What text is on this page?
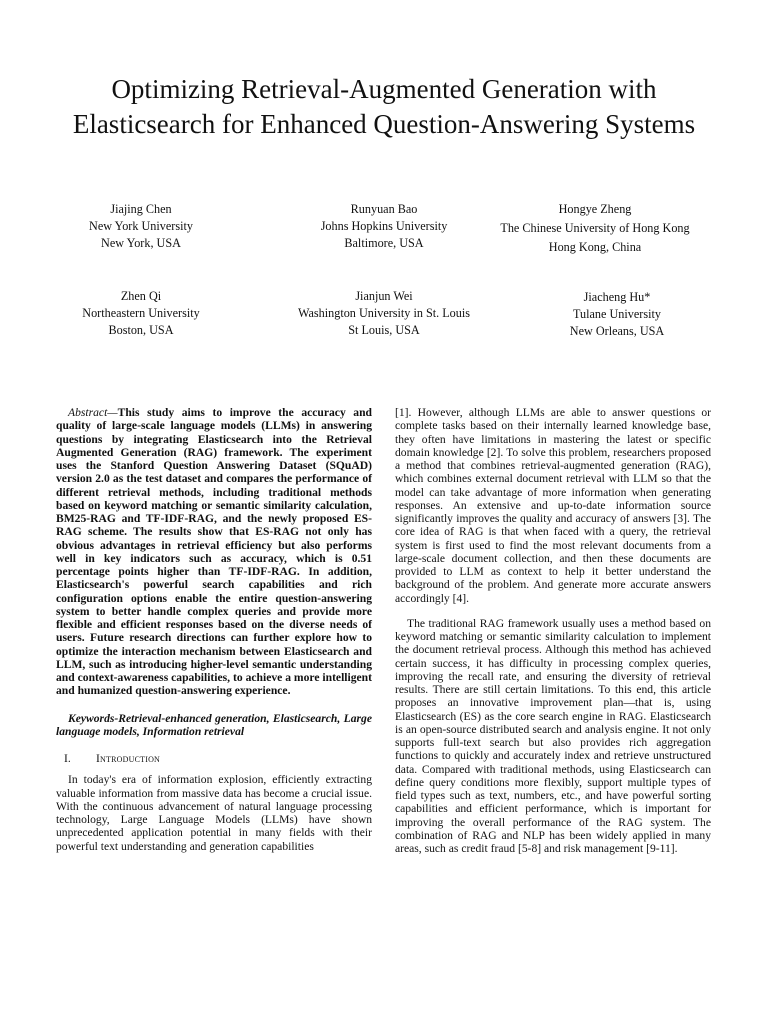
Optimizing Retrieval-Augmented Generation with Elasticsearch for Enhanced Question-Answering Systems
Jiajing Chen
New York University
New York, USA
Runyuan Bao
Johns Hopkins University
Baltimore, USA
Hongye Zheng
The Chinese University of Hong Kong
Hong Kong, China
Zhen Qi
Northeastern University
Boston, USA
Jianjun Wei
Washington University in St. Louis
St Louis, USA
Jiacheng Hu*
Tulane University
New Orleans, USA

Abstract—This study aims to improve the accuracy and quality of large-scale language models (LLMs) in answering questions by integrating Elasticsearch into the Retrieval Augmented Generation (RAG) framework. The experiment uses the Stanford Question Answering Dataset (SQuAD) version 2.0 as the test dataset and compares the performance of different retrieval methods, including traditional methods based on keyword matching or semantic similarity calculation, BM25-RAG and TF-IDF-RAG, and the newly proposed ES-RAG scheme. The results show that ES-RAG not only has obvious advantages in retrieval efficiency but also performs well in key indicators such as accuracy, which is 0.51 percentage points higher than TF-IDF-RAG. In addition, Elasticsearch's powerful search capabilities and rich configuration options enable the entire question-answering system to better handle complex queries and provide more flexible and efficient responses based on the diverse needs of users. Future research directions can further explore how to optimize the interaction mechanism between Elasticsearch and LLM, such as introducing higher-level semantic understanding and context-awareness capabilities, to achieve a more intelligent and humanized question-answering experience.

Keywords-Retrieval-enhanced generation, Elasticsearch, Large language models, Information retrieval

I. Introduction

In today's era of information explosion, efficiently extracting valuable information from massive data has become a crucial issue. With the continuous advancement of natural language processing technology, Large Language Models (LLMs) have shown unprecedented application potential in many fields with their powerful text understanding and generation capabilities

[1]. However, although LLMs are able to answer questions or complete tasks based on their internally learned knowledge base, they often have limitations in mastering the latest or specific domain knowledge [2]. To solve this problem, researchers proposed a method that combines retrieval-augmented generation (RAG), which combines external document retrieval with LLM so that the model can take advantage of more information when generating responses. An extensive and up-to-date information source significantly improves the quality and accuracy of answers [3]. The core idea of RAG is that when faced with a query, the retrieval system is first used to find the most relevant documents from a large-scale document collection, and then these documents are provided to LLM as context to help it better understand the background of the problem. And generate more accurate answers accordingly [4].

The traditional RAG framework usually uses a method based on keyword matching or semantic similarity calculation to implement the document retrieval process. Although this method has achieved certain success, it has difficulty in processing complex queries, improving the recall rate, and ensuring the diversity of retrieval results. There are still certain limitations. To this end, this article proposes an innovative improvement plan—that is, using Elasticsearch (ES) as the core search engine in RAG. Elasticsearch is an open-source distributed search and analysis engine. It not only supports full-text search but also provides rich aggregation functions to quickly and accurately index and retrieve unstructured data. Compared with traditional methods, using Elasticsearch can define query conditions more flexibly, support multiple types of field types such as text, numbers, etc., and have powerful sorting capabilities and efficient performance, which is important for improving the overall performance of the RAG system. The combination of RAG and NLP has been widely applied in many areas, such as credit fraud [5-8] and risk management [9-11].
